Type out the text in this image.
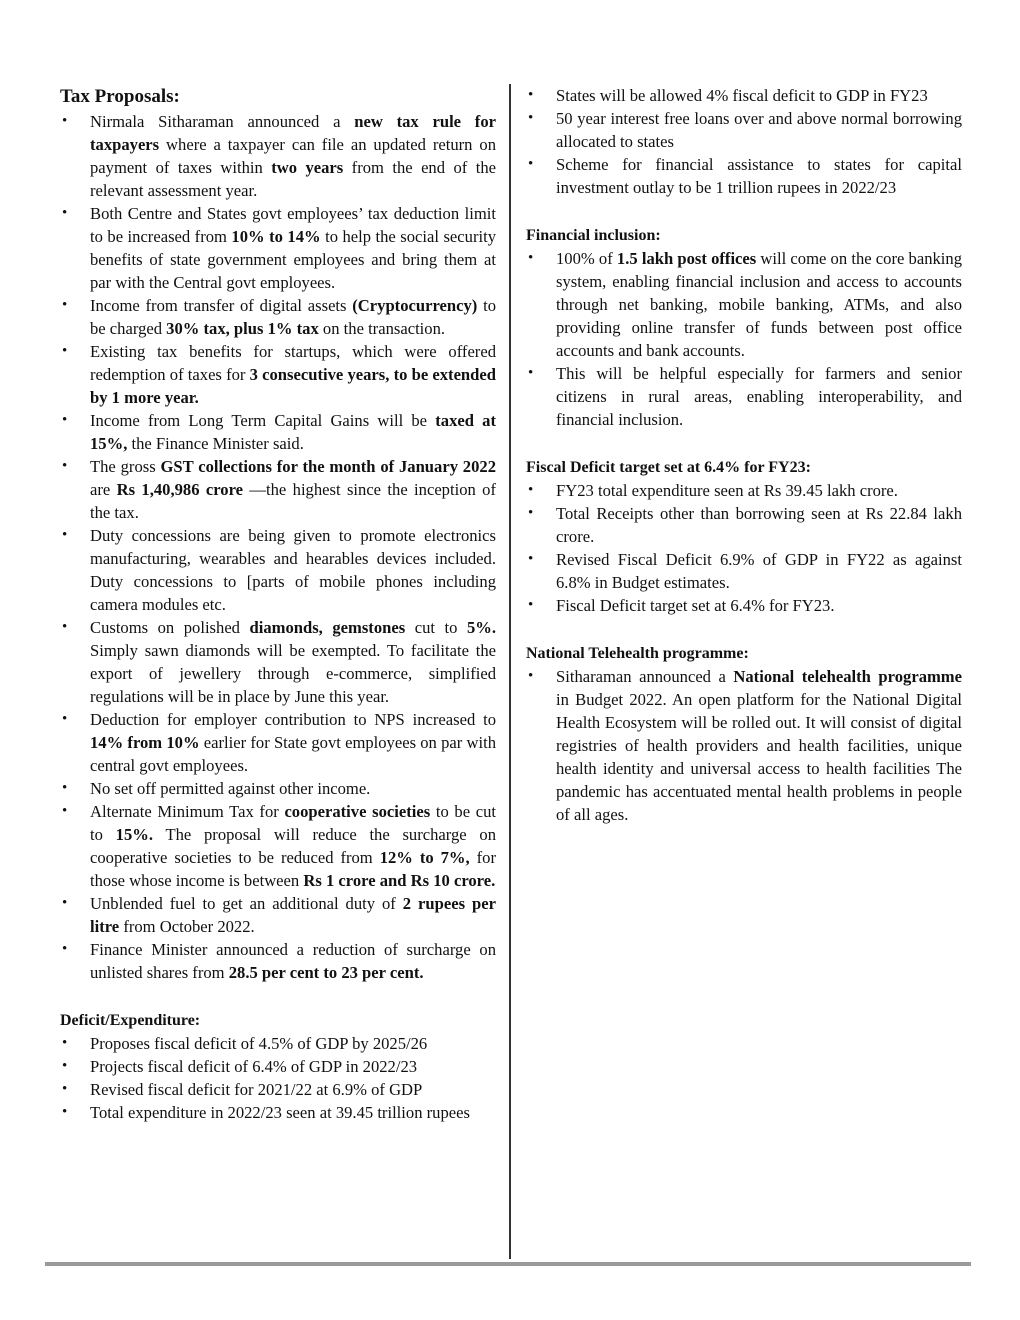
Tax Proposals:
• Nirmala Sitharaman announced a new tax rule for taxpayers where a taxpayer can file an updated return on payment of taxes within two years from the end of the relevant assessment year.
• Both Centre and States govt employees’ tax deduction limit to be increased from 10% to 14% to help the social security benefits of state government employees and bring them at par with the Central govt employees.
• Income from transfer of digital assets (Cryptocurrency) to be charged 30% tax, plus 1% tax on the transaction.
• Existing tax benefits for startups, which were offered redemption of taxes for 3 consecutive years, to be extended by 1 more year.
• Income from Long Term Capital Gains will be taxed at 15%, the Finance Minister said.
• The gross GST collections for the month of January 2022 are Rs 1,40,986 crore —the highest since the inception of the tax.
• Duty concessions are being given to promote electronics manufacturing, wearables and hearables devices included. Duty concessions to [parts of mobile phones including camera modules etc.
• Customs on polished diamonds, gemstones cut to 5%. Simply sawn diamonds will be exempted. To facilitate the export of jewellery through e-commerce, simplified regulations will be in place by June this year.
• Deduction for employer contribution to NPS increased to 14% from 10% earlier for State govt employees on par with central govt employees.
• No set off permitted against other income.
• Alternate Minimum Tax for cooperative societies to be cut to 15%. The proposal will reduce the surcharge on cooperative societies to be reduced from 12% to 7%, for those whose income is between Rs 1 crore and Rs 10 crore.
• Unblended fuel to get an additional duty of 2 rupees per litre from October 2022.
• Finance Minister announced a reduction of surcharge on unlisted shares from 28.5 per cent to 23 per cent.
Deficit/Expenditure:
• Proposes fiscal deficit of 4.5% of GDP by 2025/26
• Projects fiscal deficit of 6.4% of GDP in 2022/23
• Revised fiscal deficit for 2021/22 at 6.9% of GDP
• Total expenditure in 2022/23 seen at 39.45 trillion rupees
• States will be allowed 4% fiscal deficit to GDP in FY23
• 50 year interest free loans over and above normal borrowing allocated to states
• Scheme for financial assistance to states for capital investment outlay to be 1 trillion rupees in 2022/23
Financial inclusion:
• 100% of 1.5 lakh post offices will come on the core banking system, enabling financial inclusion and access to accounts through net banking, mobile banking, ATMs, and also providing online transfer of funds between post office accounts and bank accounts.
• This will be helpful especially for farmers and senior citizens in rural areas, enabling interoperability, and financial inclusion.
Fiscal Deficit target set at 6.4% for FY23:
• FY23 total expenditure seen at Rs 39.45 lakh crore.
• Total Receipts other than borrowing seen at Rs 22.84 lakh crore.
• Revised Fiscal Deficit 6.9% of GDP in FY22 as against 6.8% in Budget estimates.
• Fiscal Deficit target set at 6.4% for FY23.
National Telehealth programme:
• Sitharaman announced a National telehealth programme in Budget 2022. An open platform for the National Digital Health Ecosystem will be rolled out. It will consist of digital registries of health providers and health facilities, unique health identity and universal access to health facilities The pandemic has accentuated mental health problems in people of all ages.
